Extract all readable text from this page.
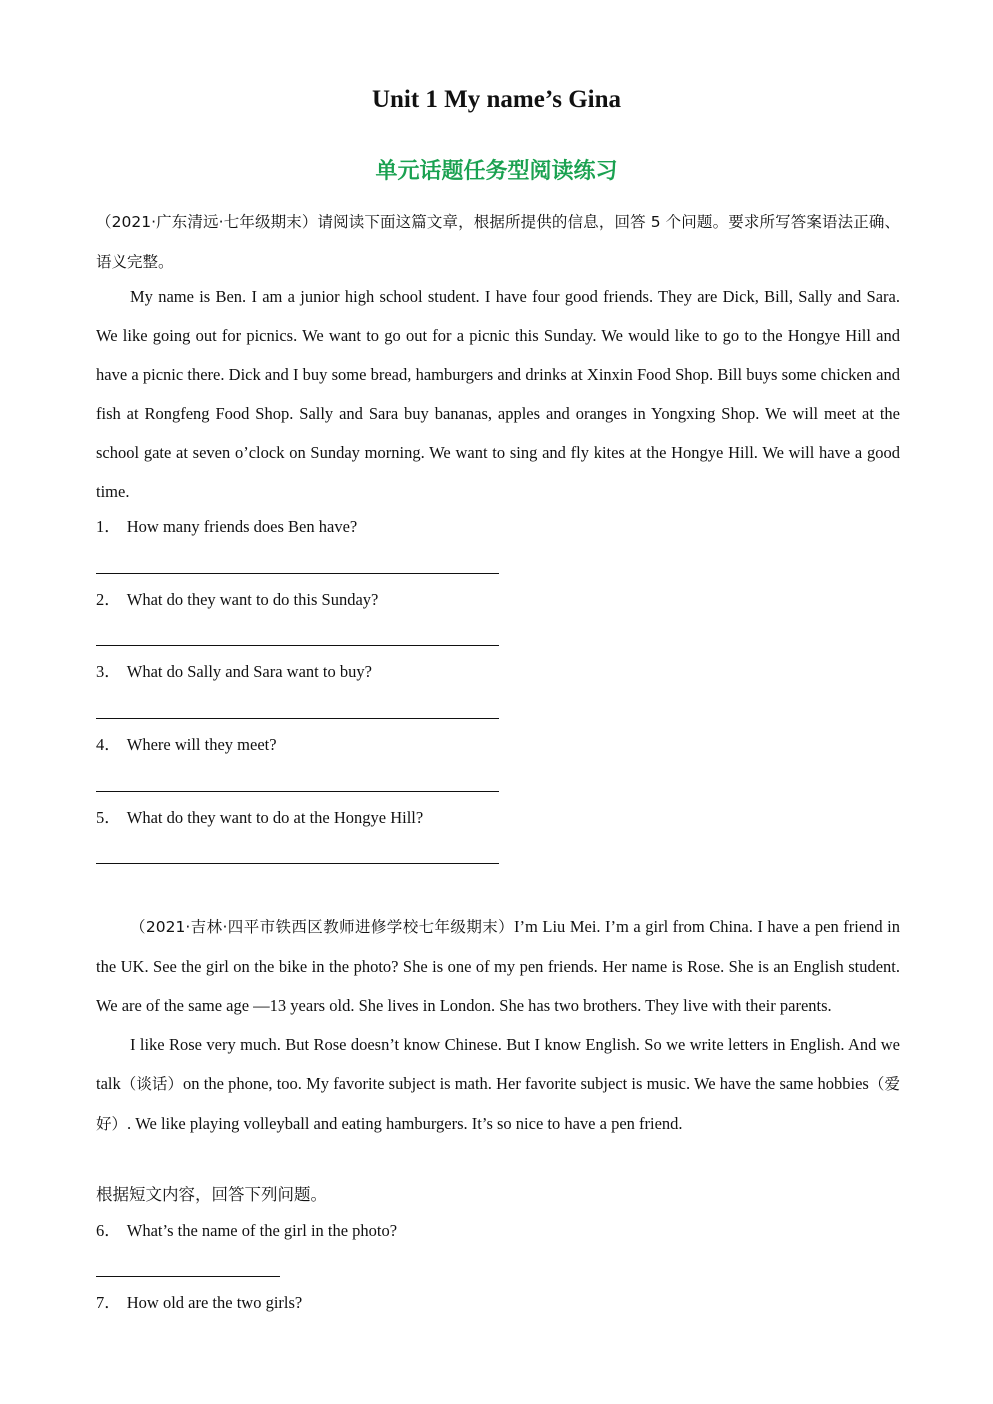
Unit 1 My name’s Gina
单元话题任务型阅读练习
（2021·广东清远·七年级期末）请阅读下面这篇文章，根据所提供的信息，回答 5 个问题。要求所写答案语法正确、语义完整。
My name is Ben. I am a junior high school student. I have four good friends. They are Dick, Bill, Sally and Sara. We like going out for picnics. We want to go out for a picnic this Sunday. We would like to go to the Hongye Hill and have a picnic there. Dick and I buy some bread, hamburgers and drinks at Xinxin Food Shop. Bill buys some chicken and fish at Rongfeng Food Shop. Sally and Sara buy bananas, apples and oranges in Yongxing Shop. We will meet at the school gate at seven o’clock on Sunday morning. We want to sing and fly kites at the Hongye Hill. We will have a good time.
1． How many friends does Ben have?
2． What do they want to do this Sunday?
3． What do Sally and Sara want to buy?
4． Where will they meet?
5． What do they want to do at the Hongye Hill?
（2021·吉林·四平市铁西区教师进修学校七年级期末）I’m Liu Mei. I’m a girl from China. I have a pen friend in the UK. See the girl on the bike in the photo? She is one of my pen friends. Her name is Rose. She is an English student. We are of the same age —13 years old. She lives in London. She has two brothers. They live with their parents.
I like Rose very much. But Rose doesn’t know Chinese. But I know English. So we write letters in English. And we talk（谈话）on the phone, too. My favorite subject is math. Her favorite subject is music. We have the same hobbies（爱好）. We like playing volleyball and eating hamburgers. It’s so nice to have a pen friend.
根据短文内容，回答下列问题。
6． What’s the name of the girl in the photo?
7． How old are the two girls?
